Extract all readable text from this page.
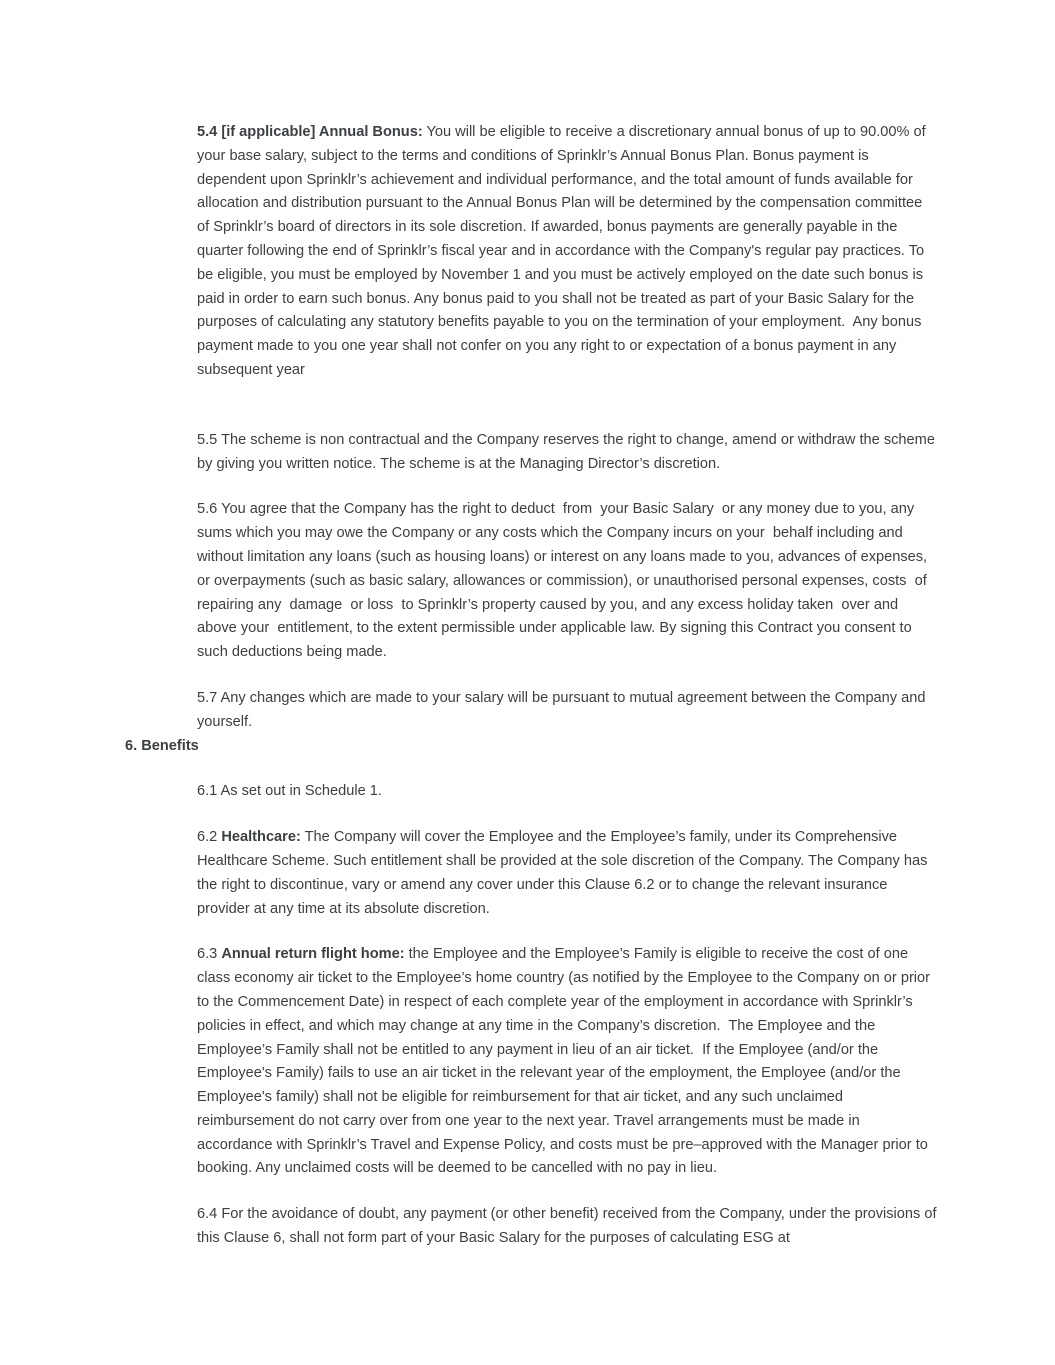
5.4 [if applicable] Annual Bonus: You will be eligible to receive a discretionary annual bonus of up to 90.00% of your base salary, subject to the terms and conditions of Sprinklr’s Annual Bonus Plan. Bonus payment is dependent upon Sprinklr’s achievement and individual performance, and the total amount of funds available for allocation and distribution pursuant to the Annual Bonus Plan will be determined by the compensation committee of Sprinklr’s board of directors in its sole discretion. If awarded, bonus payments are generally payable in the quarter following the end of Sprinklr’s fiscal year and in accordance with the Company's regular pay practices. To be eligible, you must be employed by November 1 and you must be actively employed on the date such bonus is paid in order to earn such bonus. Any bonus paid to you shall not be treated as part of your Basic Salary for the purposes of calculating any statutory benefits payable to you on the termination of your employment.  Any bonus payment made to you one year shall not confer on you any right to or expectation of a bonus payment in any subsequent year

5.5 The scheme is non contractual and the Company reserves the right to change, amend or withdraw the scheme by giving you written notice. The scheme is at the Managing Director’s discretion.

5.6 You agree that the Company has the right to deduct  from  your Basic Salary  or any money due to you, any sums which you may owe the Company or any costs which the Company incurs on your  behalf including and without limitation any loans (such as housing loans) or interest on any loans made to you, advances of expenses, or overpayments (such as basic salary, allowances or commission), or unauthorised personal expenses, costs  of repairing any  damage  or loss  to Sprinklr’s property caused by you, and any excess holiday taken  over and above your  entitlement, to the extent permissible under applicable law. By signing this Contract you consent to such deductions being made.

5.7 Any changes which are made to your salary will be pursuant to mutual agreement between the Company and yourself.

6. Benefits

6.1 As set out in Schedule 1.

6.2 Healthcare: The Company will cover the Employee and the Employee’s family, under its Comprehensive Healthcare Scheme. Such entitlement shall be provided at the sole discretion of the Company. The Company has the right to discontinue, vary or amend any cover under this Clause 6.2 or to change the relevant insurance provider at any time at its absolute discretion.

6.3 Annual return flight home: the Employee and the Employee’s Family is eligible to receive the cost of one class economy air ticket to the Employee’s home country (as notified by the Employee to the Company on or prior to the Commencement Date) in respect of each complete year of the employment in accordance with Sprinklr’s policies in effect, and which may change at any time in the Company’s discretion.  The Employee and the Employee’s Family shall not be entitled to any payment in lieu of an air ticket.  If the Employee (and/or the Employee's Family) fails to use an air ticket in the relevant year of the employment, the Employee (and/or the Employee's family) shall not be eligible for reimbursement for that air ticket, and any such unclaimed reimbursement do not carry over from one year to the next year. Travel arrangements must be made in accordance with Sprinklr’s Travel and Expense Policy, and costs must be pre–approved with the Manager prior to booking. Any unclaimed costs will be deemed to be cancelled with no pay in lieu.

6.4 For the avoidance of doubt, any payment (or other benefit) received from the Company, under the provisions of this Clause 6, shall not form part of your Basic Salary for the purposes of calculating ESG at
